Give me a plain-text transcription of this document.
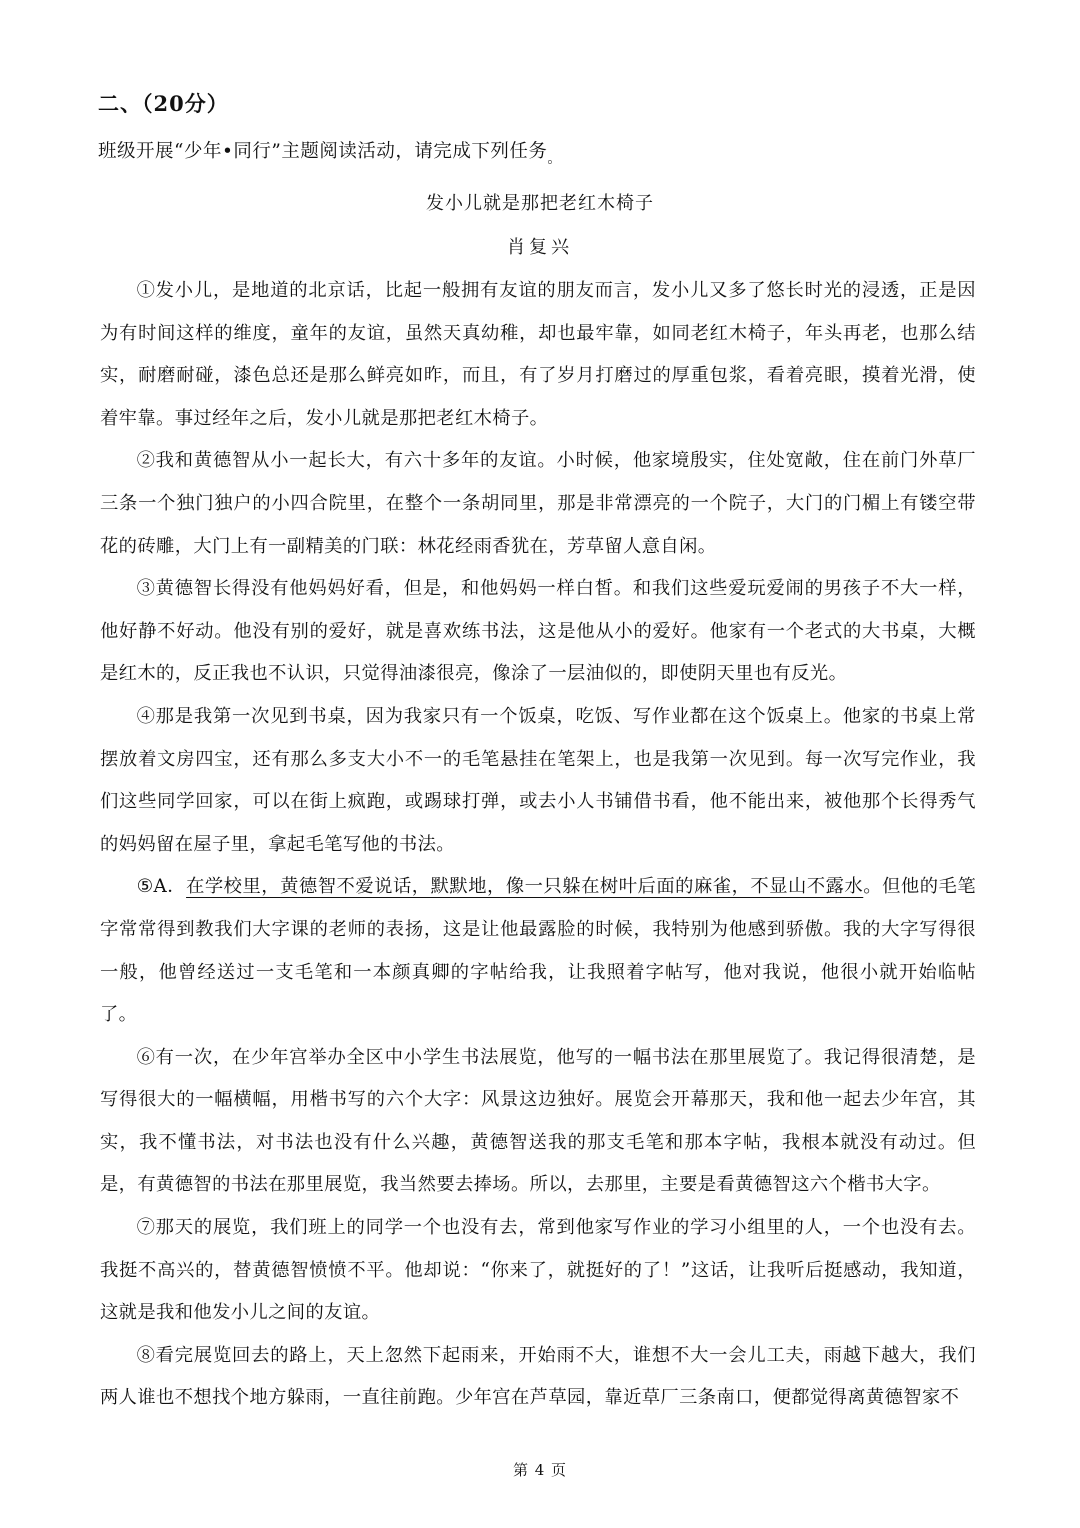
二、（20分）
班级开展“少年•同行”主题阅读活动，请完成下列任务$_。$
发小儿就是那把老红木椅子
肖复兴

①发小儿，是地道的北京话，比起一般拥有友谊的朋友而言，发小儿又多了悠长时光的浸透，正是因为有时间这样的维度，童年的友谊，虽然天真幼稚，却也最牢靠，如同老红木椅子，年头再老，也那么结实，耐磨耐碰，漆色总还是那么鲜亮如昨，而且，有了岁月打磨过的厚重包浆，看着亮眼，摸着光滑，使着牢靠。事过经年之后，发小儿就是那把老红木椅子。

②我和黄德智从小一起长大，有六十多年的友谊。小时候，他家境殷实，住处宽敞，住在前门外草厂三条一个独门独户的小四合院里，在整个一条胡同里，那是非常漂亮的一个院子，大门的门楣上有镂空带花的砖雕，大门上有一副精美的门联：林花经雨香犹在，芳草留人意自闲。

③黄德智长得没有他妈妈好看，但是，和他妈妈一样白皙。和我们这些爱玩爱闹的男孩子不大一样，他好静不好动。他没有别的爱好，就是喜欢练书法，这是他从小的爱好。他家有一个老式的大书桌，大概是红木的，反正我也不认识，只觉得油漆很亮，像涂了一层油似的，即使阴天里也有反光。

④那是我第一次见到书桌，因为我家只有一个饭桌，吃饭、写作业都在这个饭桌上。他家的书桌上常摆放着文房四宝，还有那么多支大小不一的毛笔悬挂在笔架上，也是我第一次见到。每一次写完作业，我们这些同学回家，可以在街上疯跑，或踢球打弹，或去小人书铺借书看，他不能出来，被他那个长得秀气的妈妈留在屋子里，拿起毛笔写他的书法。

⑤A．在学校里，黄德智不爱说话，默默地，像一只躲在树叶后面的麻雀，不显山不露水。但他的毛笔字常常得到教我们大字课的老师的表扬，这是让他最露脸的时候，我特别为他感到骄傲。我的大字写得很一般，他曾经送过一支毛笔和一本颜真卿的字帖给我，让我照着字帖写，他对我说，他很小就开始临帖了。

⑥有一次，在少年宫举办全区中小学生书法展览，他写的一幅书法在那里展览了。我记得很清楚，是写得很大的一幅横幅，用楷书写的六个大字：风景这边独好。展览会开幕那天，我和他一起去少年宫，其实，我不懂书法，对书法也没有什么兴趣，黄德智送我的那支毛笔和那本字帖，我根本就没有动过。但是，有黄德智的书法在那里展览，我当然要去捧场。所以，去那里，主要是看黄德智这六个楷书大字。

⑦那天的展览，我们班上的同学一个也没有去，常到他家写作业的学习小组里的人，一个也没有去。我挺不高兴的，替黄德智愤愤不平。他却说：“你来了，就挺好的了！”这话，让我听后挺感动，我知道，这就是我和他发小儿之间的友谊。

⑧看完展览回去的路上，天上忽然下起雨来，开始雨不大，谁想不大一会儿工夫，雨越下越大，我们两人谁也不想找个地方躲雨，一直往前跑。少年宫在芦草园，靠近草厂三条南口，便都觉得离黄德智家不

第 4 页
